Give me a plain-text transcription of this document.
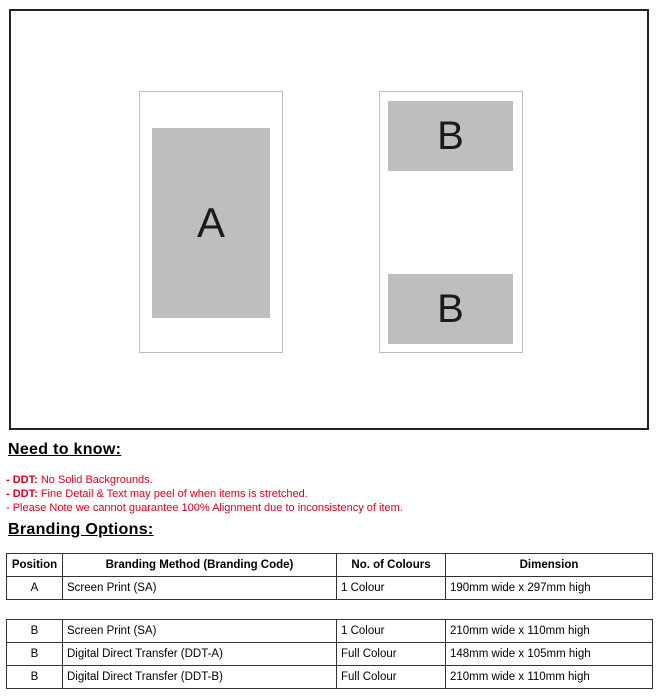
A
B
B
Need to know:
- DDT: No Solid Backgrounds.
- DDT: Fine Detail & Text may peel of when items is stretched.
- Please Note we cannot guarantee 100% Alignment due to inconsistency of item.
Branding Options:
Position	Branding Method (Branding Code)	No. of Colours	Dimension
A	Screen Print (SA)	1 Colour	190mm wide x 297mm high
B	Screen Print (SA)	1 Colour	210mm wide x 110mm high
B	Digital Direct Transfer (DDT-A)	Full Colour	148mm wide x 105mm high
B	Digital Direct Transfer (DDT-B)	Full Colour	210mm wide x 110mm high
